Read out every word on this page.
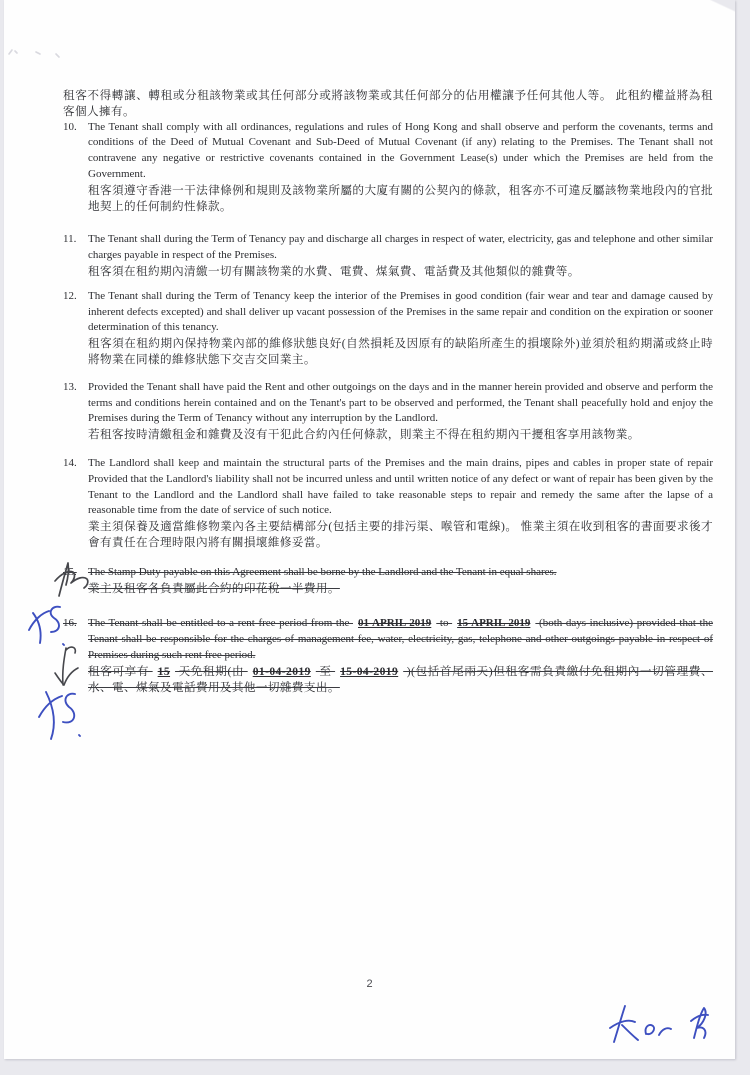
租客不得轉讓、轉租或分租該物業或其任何部分或將該物業或其任何部分的佔用權讓予任何其他人等。 此租約權益將為租客個人擁有。

10.	The Tenant shall comply with all ordinances, regulations and rules of Hong Kong and shall observe and perform the covenants, terms and conditions of the Deed of Mutual Covenant and Sub-Deed of Mutual Covenant (if any) relating to the Premises. The Tenant shall not contravene any negative or restrictive covenants contained in the Government Lease(s) under which the Premises are held from the Government.

租客須遵守香港一干法律條例和規則及該物業所屬的大廈有關的公契內的條款，租客亦不可違反屬該物業地段內的官批地契上的任何制約性條款。

11.	The Tenant shall during the Term of Tenancy pay and discharge all charges in respect of water, electricity, gas and telephone and other similar charges payable in respect of the Premises.

租客須在租約期內清繳一切有關該物業的水費、電費、煤氣費、電話費及其他類似的雜費等。

12.	The Tenant shall during the Term of Tenancy keep the interior of the Premises in good condition (fair wear and tear and damage caused by inherent defects excepted) and shall deliver up vacant possession of the Premises in the same repair and condition on the expiration or sooner determination of this tenancy.

租客須在租約期內保持物業內部的維修狀態良好(自然損耗及因原有的缺陷所產生的損壞除外)並須於租約期滿或終止時將物業在同樣的維修狀態下交吉交回業主。

13.	Provided the Tenant shall have paid the Rent and other outgoings on the days and in the manner herein provided and observe and perform the terms and conditions herein contained and on the Tenant's part to be observed and performed, the Tenant shall peacefully hold and enjoy the Premises during the Term of Tenancy without any interruption by the Landlord.

若租客按時清繳租金和雜費及沒有干犯此合約內任何條款，則業主不得在租約期內干擾租客享用該物業。

14.	The Landlord shall keep and maintain the structural parts of the Premises and the main drains, pipes and cables in proper state of repair Provided that the Landlord's liability shall not be incurred unless and until written notice of any defect or want of repair has been given by the Tenant to the Landlord and the Landlord shall have failed to take reasonable steps to repair and remedy the same after the lapse of a reasonable time from the date of service of such notice.

業主須保養及適當維修物業內各主要結構部分(包括主要的排污渠、喉管和電線)。 惟業主須在收到租客的書面要求後才會有責任在合理時限內將有關損壞維修妥當。

15.	The Stamp Duty payable on this Agreement shall be borne by the Landlord and the Tenant in equal shares.

業主及租客各負責屬此合約的印花稅一半費用。

16.	The Tenant shall be entitled to a rent free period from the 01 APRIL 2019 to 15 APRIL 2019 (both days inclusive) provided that the Tenant shall be responsible for the charges of management fee, water, electricity, gas, telephone and other outgoings payable in respect of Premises during such rent free period.

租客可享有 15 天免租期(由 01-04-2019 至 15-04-2019 )(包括首尾兩天)但租客需負責繳付免租期內一切管理費、水、電、煤氣及電話費用及其他一切雜費支出。

2
